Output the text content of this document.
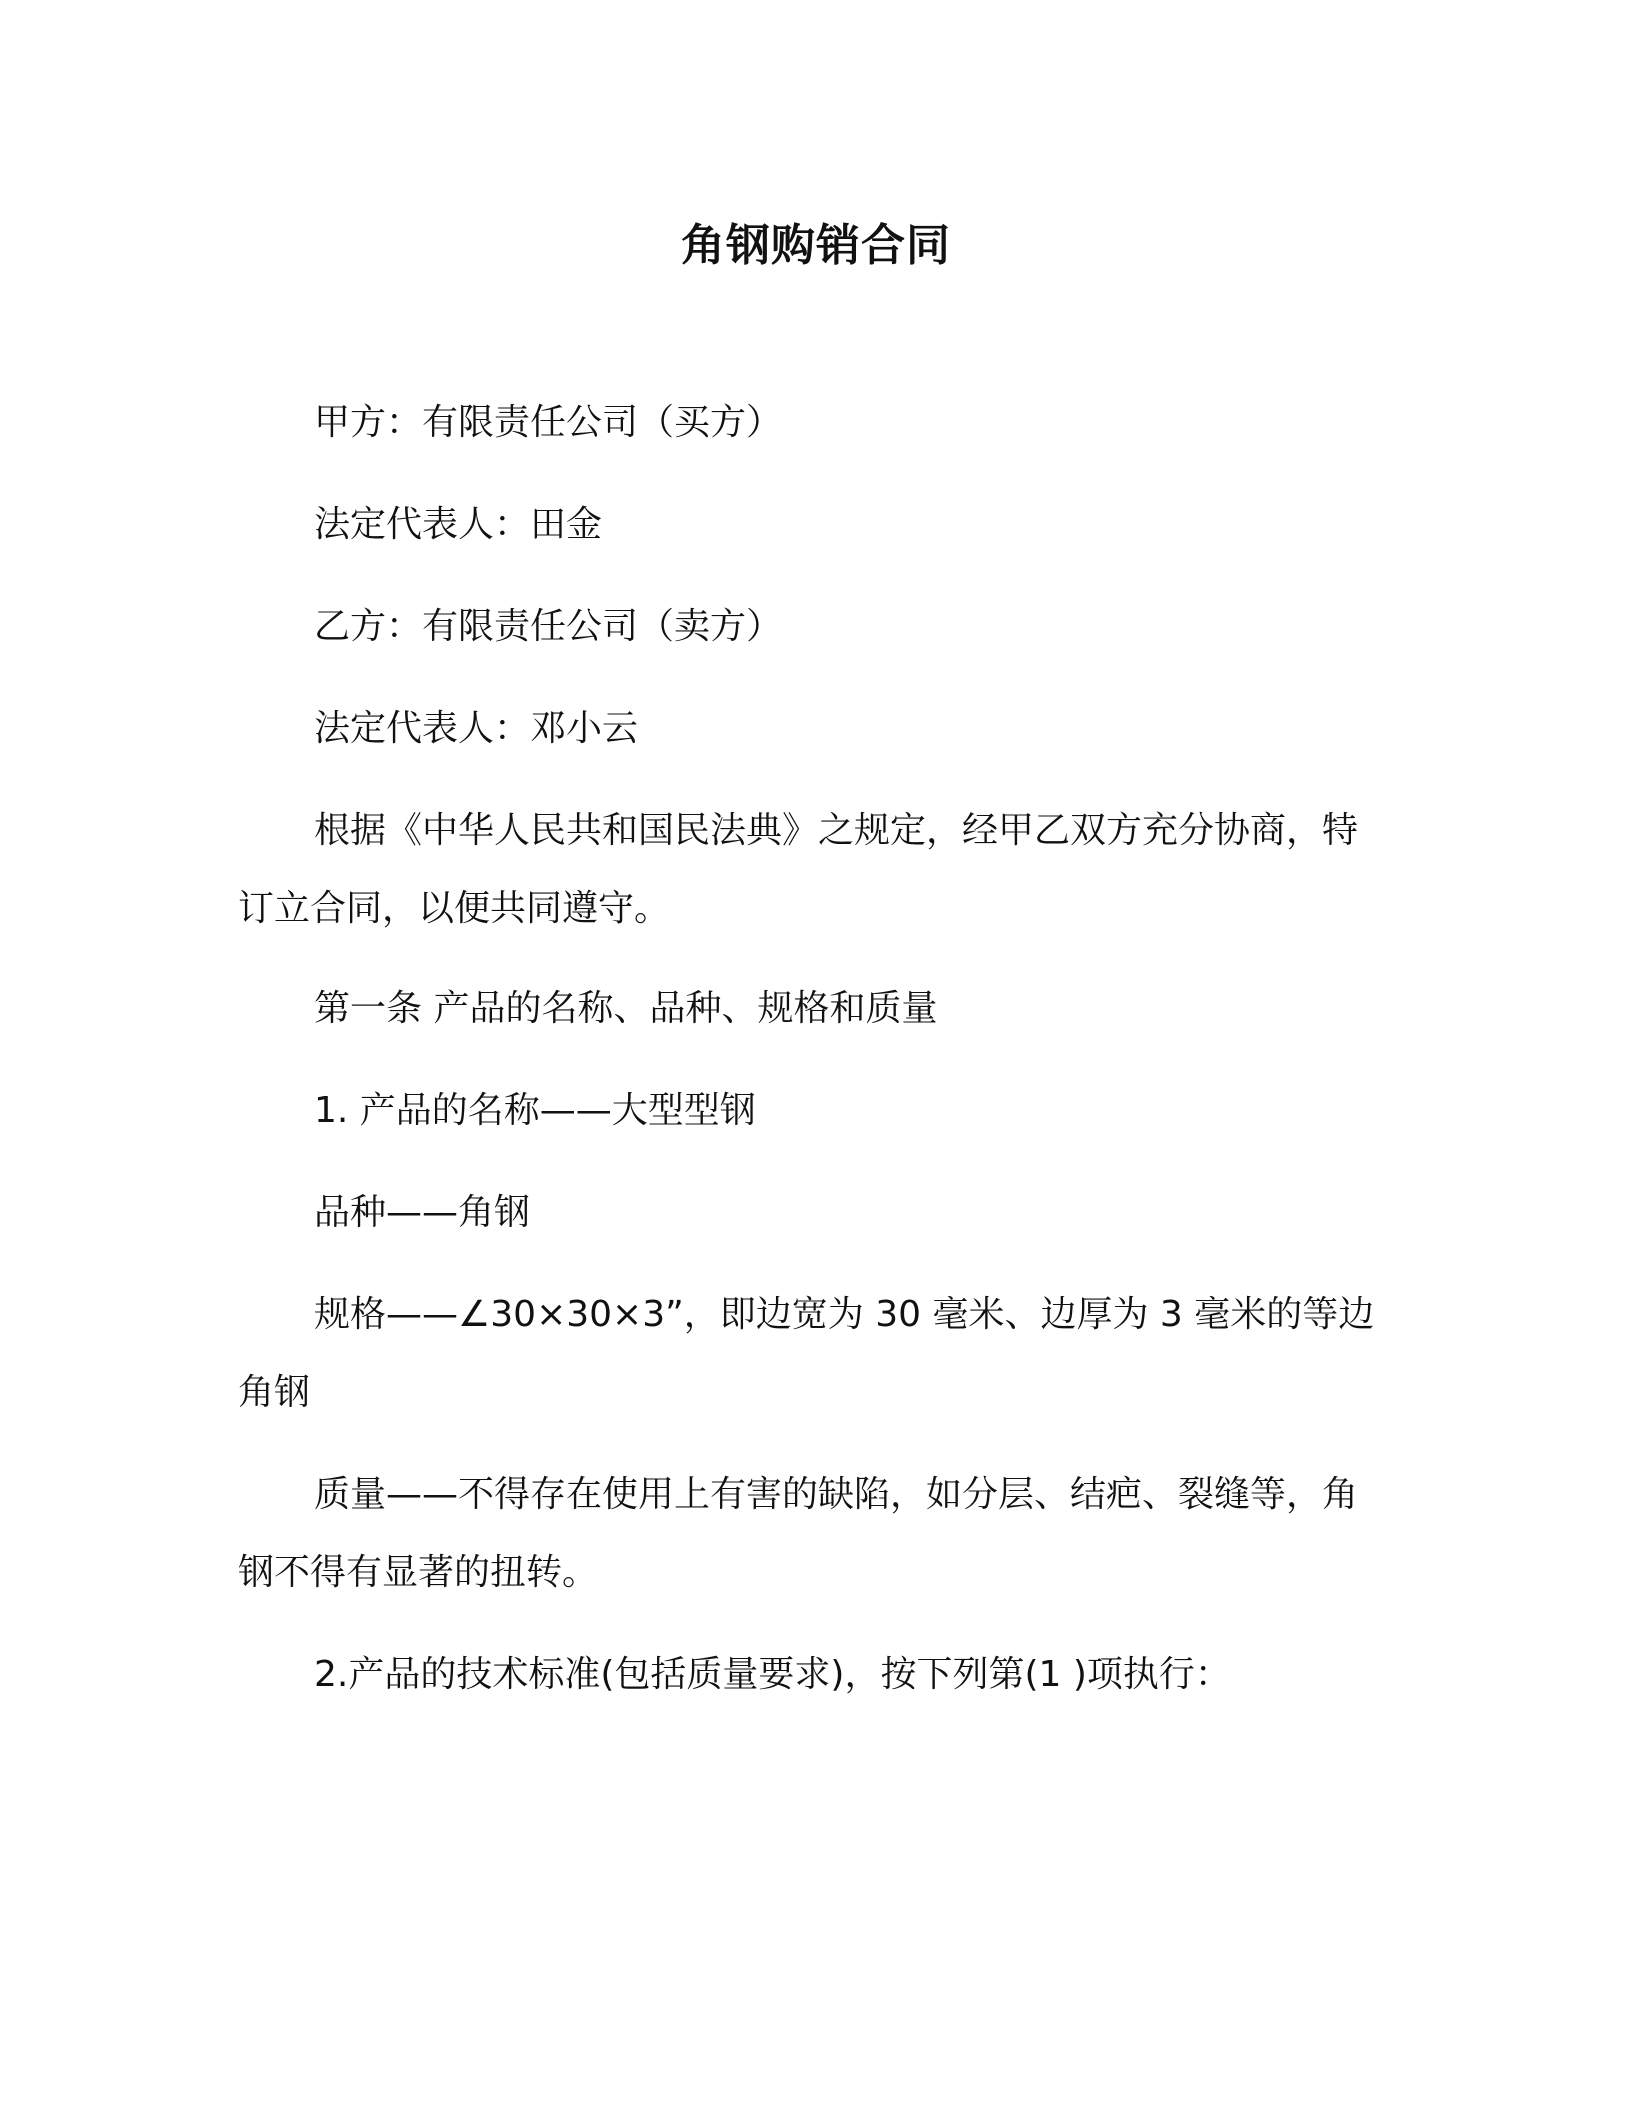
角钢购销合同
甲方：有限责任公司（买方）
法定代表人：田金
乙方：有限责任公司（卖方）
法定代表人：邓小云
根据《中华人民共和国民法典》之规定，经甲乙双方充分协商，特订立合同，以便共同遵守。
第一条 产品的名称、品种、规格和质量
1. 产品的名称——大型型钢
品种——角钢
规格——∠30×30×3”，即边宽为 30 毫米、边厚为 3 毫米的等边角钢
质量——不得存在使用上有害的缺陷，如分层、结疤、裂缝等，角钢不得有显著的扭转。
2.产品的技术标准(包括质量要求)，按下列第(1 )项执行：
